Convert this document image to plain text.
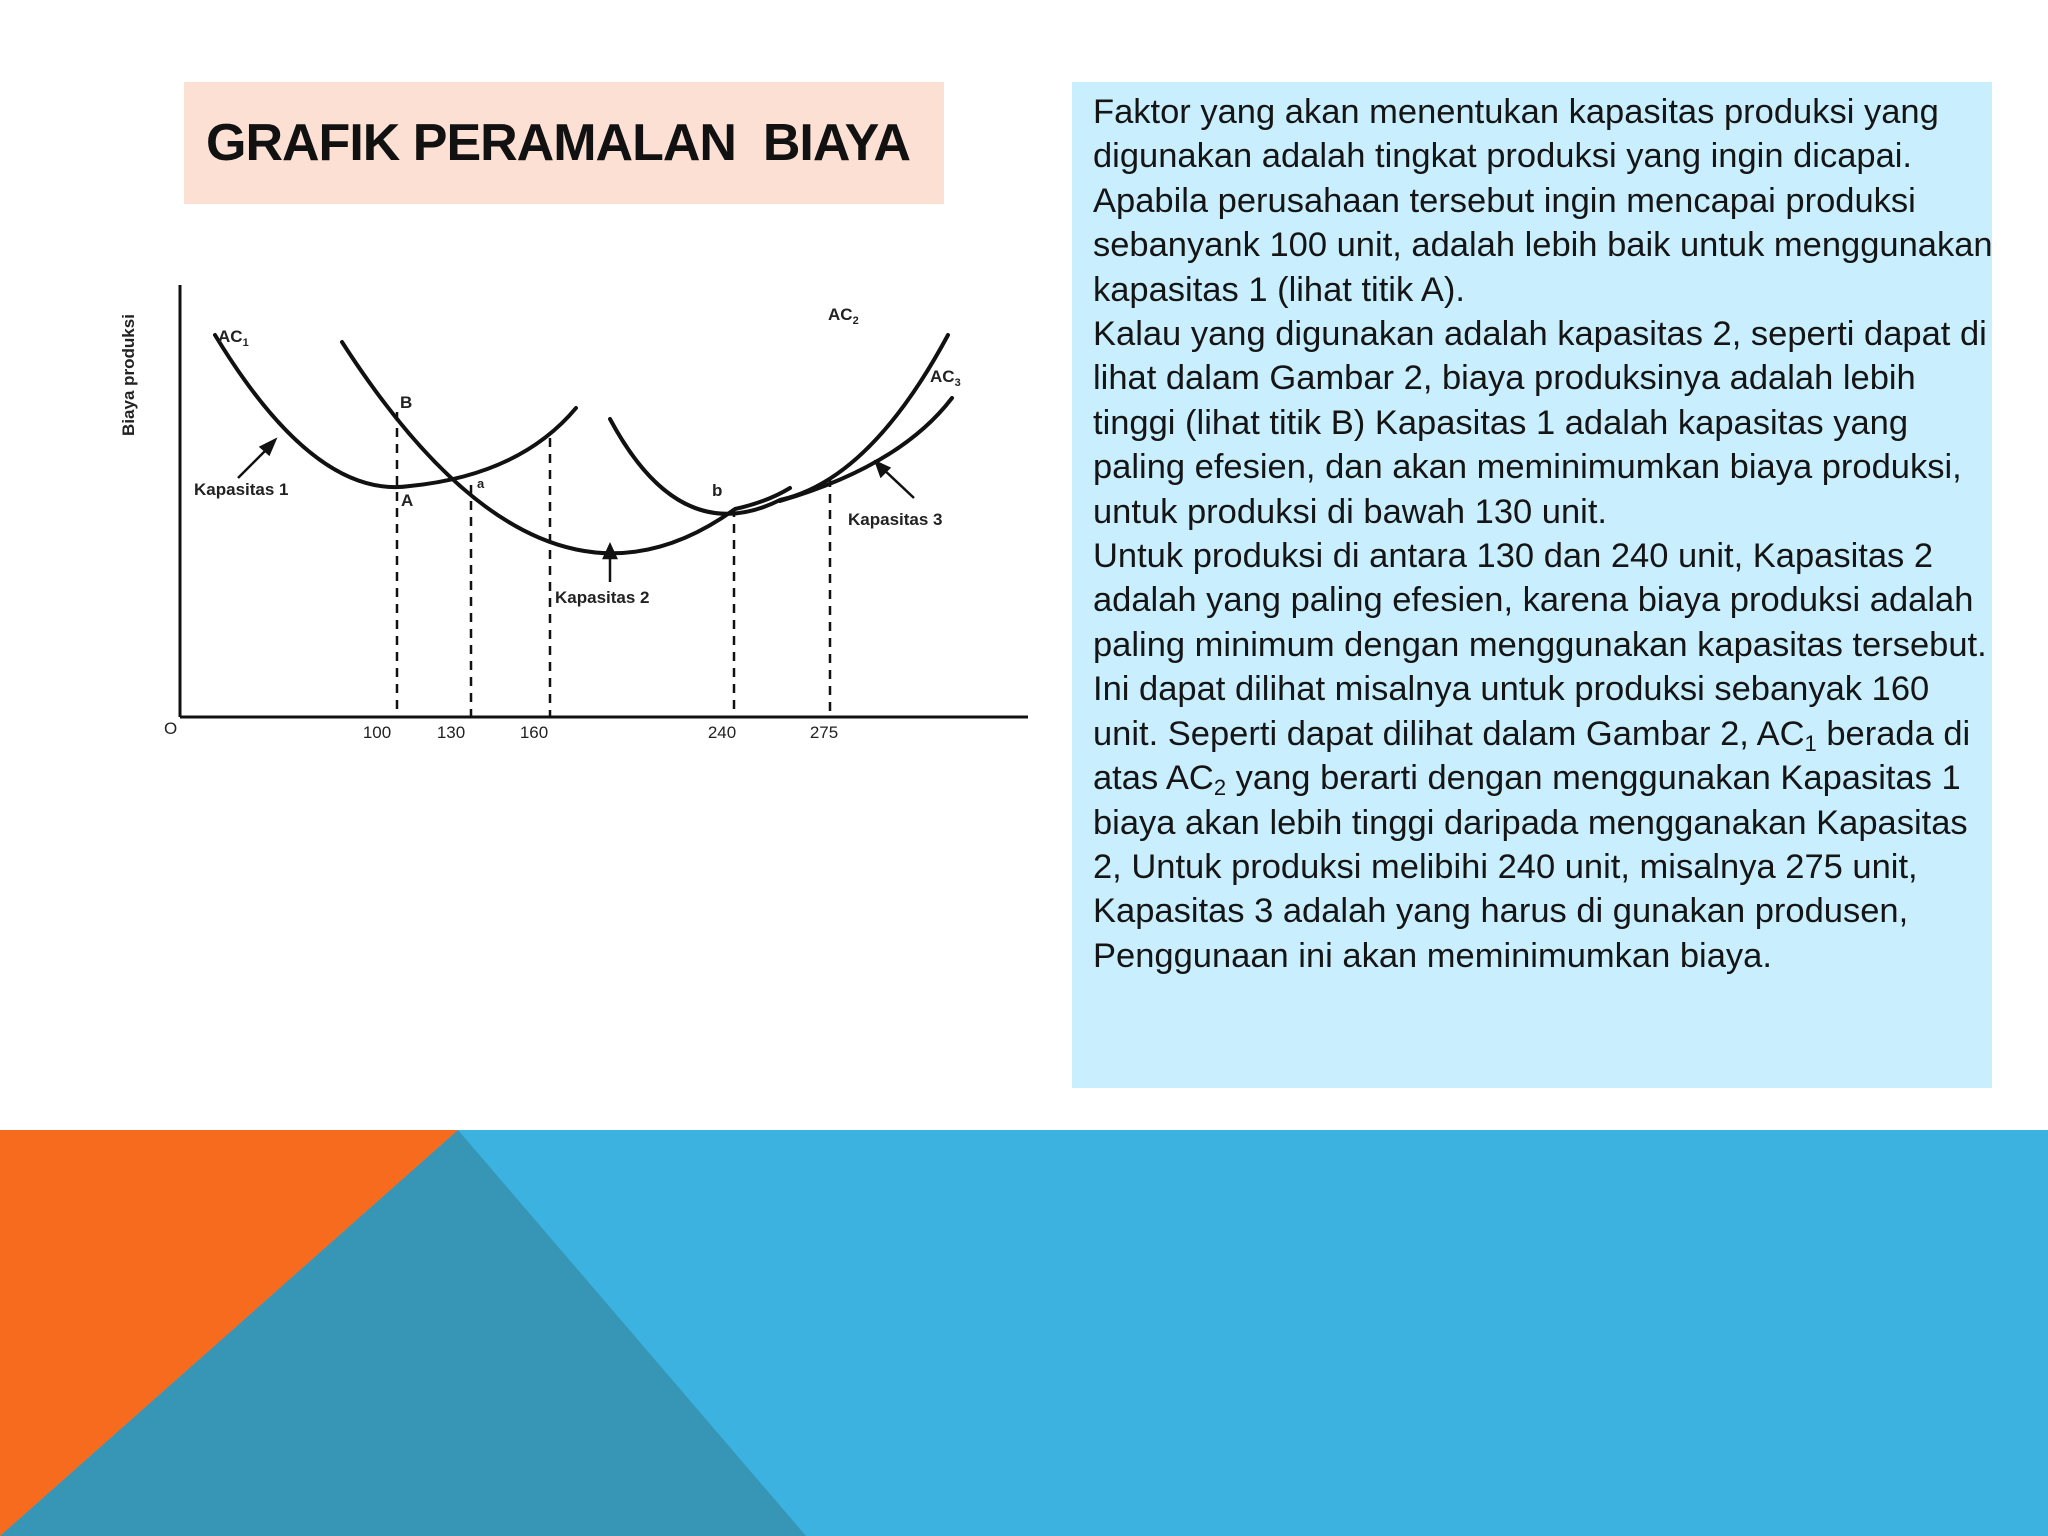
GRAFIK PERAMALAN  BIAYA
Biaya produksi
O	100	130	160	240	275
$AC_1$
$AC_2$
$AC_3$
Kapasitas 1
Kapasitas 2
Kapasitas 3
B
A
a	b

Faktor yang akan menentukan kapasitas produksi yang digunakan adalah tingkat produksi yang ingin dicapai.

Apabila perusahaan tersebut ingin mencapai produksi sebanyank 100 unit, adalah lebih baik untuk menggunakan kapasitas 1 (lihat titik A).

Kalau yang digunakan adalah kapasitas 2, seperti dapat di lihat dalam Gambar 2, biaya produksinya adalah lebih tinggi (lihat titik B) Kapasitas 1 adalah kapasitas yang paling efesien, dan akan meminimumkan biaya produksi, untuk produksi di bawah 130 unit.

Untuk produksi di antara 130 dan 240 unit, Kapasitas 2 adalah yang paling efesien, karena biaya produksi adalah paling minimum dengan menggunakan kapasitas tersebut. Ini dapat dilihat misalnya untuk produksi sebanyak 160 unit. Seperti dapat dilihat dalam Gambar 2, $AC_1$ berada di atas $AC_2$ yang berarti dengan menggunakan Kapasitas 1 biaya akan lebih tinggi daripada mengganakan Kapasitas 2, Untuk produksi melibihi 240 unit, misalnya 275 unit, Kapasitas 3 adalah yang harus di gunakan produsen, Penggunaan ini akan meminimumkan biaya.
